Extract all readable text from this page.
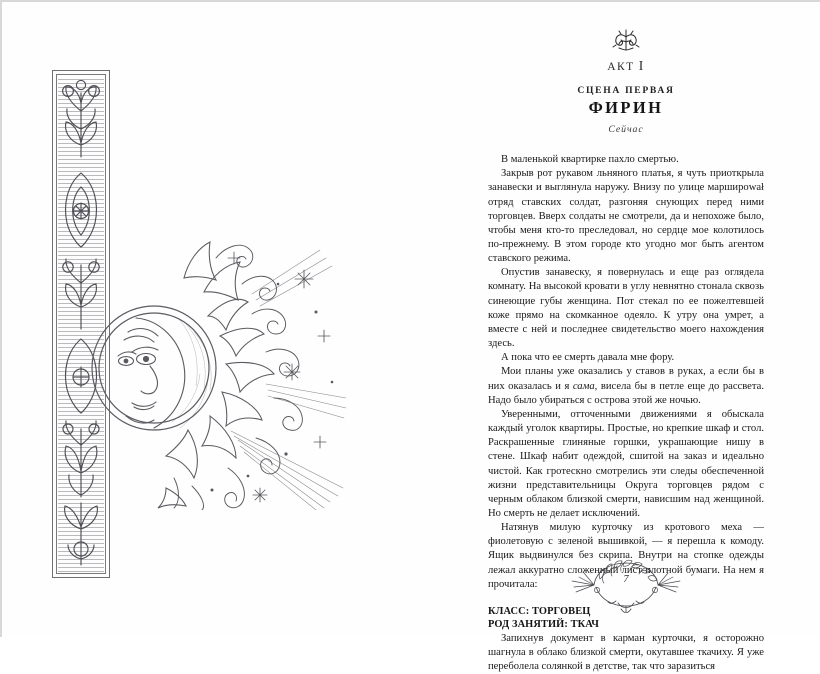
АКТ I

СЦЕНА ПЕРВАЯ

ФИРИН

Сейчас

В маленькой квартирке пахло смертью.

Закрыв рот рукавом льняного платья, я чуть приоткрыла занавески и выглянула наружу. Внизу по улице марширował отряд ставских солдат, разгоняя снующих перед ними торговцев. Вверх солдаты не смотрели, да и непохоже было, чтобы меня кто-то преследовал, но сердце мое колотилось по-прежнему. В этом городе кто угодно мог быть агентом ставского режима.

Опустив занавеску, я повернулась и еще раз оглядела комнату. На высокой кровати в углу невнятно стонала сквозь синеющие губы женщина. Пот стекал по ее пожелтевшей коже прямо на скомканное одеяло. К утру она умрет, а вместе с ней и последнее свидетельство моего нахождения здесь.

А пока что ее смерть давала мне фору.

Мои планы уже оказались у ставов в руках, а если бы в них оказалась и я сама, висела бы в петле еще до рассвета. Надо было убираться с острова этой же ночью.

Уверенными, отточенными движениями я обыскала каждый уголок квартиры. Простые, но крепкие шкаф и стол. Раскрашенные глиняные горшки, украшающие нишу в стене. Шкаф набит одеждой, сшитой на заказ и идеально чистой. Как гротескно смотрелись эти следы обеспеченной жизни представительницы Округа торговцев рядом с черным облаком близкой смерти, нависшим над женщиной. Но смерть не делает исключений.

Натянув милую курточку из кротового меха — фиолетовую с зеленой вышивкой, — я перешла к комоду. Ящик выдвинулся без скрипа. Внутри на стопке одежды лежал аккуратно сложенный лист плотной бумаги. На нем я прочитала:

КЛАСС: ТОРГОВЕЦ
РОД ЗАНЯТИЙ: ТКАЧ

Запихнув документ в карман курточки, я осторожно шагнула в облако близкой смерти, окутавшее ткачиху. Я уже переболела солянкой в детстве, так что заразиться

7
